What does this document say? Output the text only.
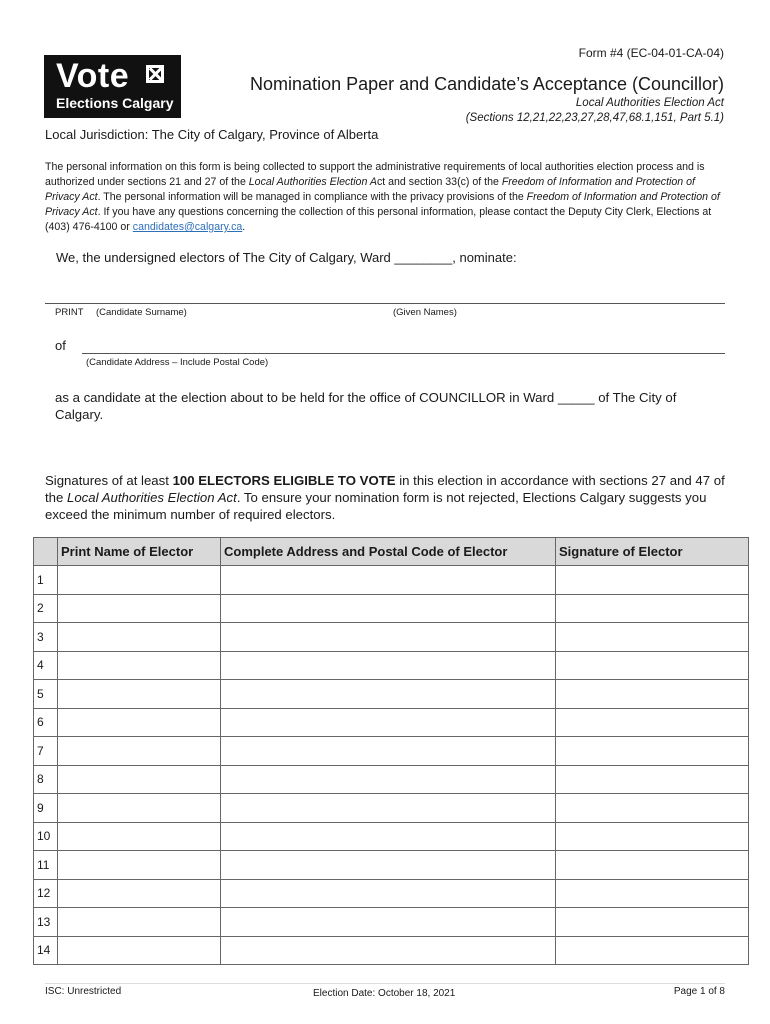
Vote
Elections Calgary
Form #4 (EC-04-01-CA-04)
Nomination Paper and Candidate’s Acceptance (Councillor)
Local Authorities Election Act
(Sections 12,21,22,23,27,28,47,68.1,151, Part 5.1)
Local Jurisdiction: The City of Calgary, Province of Alberta
The personal information on this form is being collected to support the administrative requirements of local authorities election process and is authorized under sections 21 and 27 of the Local Authorities Election Act and section 33(c) of the Freedom of Information and Protection of Privacy Act. The personal information will be managed in compliance with the privacy provisions of the Freedom of Information and Protection of Privacy Act. If you have any questions concerning the collection of this personal information, please contact the Deputy City Clerk, Elections at (403) 476-4100 or candidates@calgary.ca.
We, the undersigned electors of The City of Calgary, Ward ________, nominate:
PRINT (Candidate Surname)	(Given Names)
of
(Candidate Address – Include Postal Code)
as a candidate at the election about to be held for the office of COUNCILLOR in Ward _____ of The City of Calgary.
Signatures of at least 100 ELECTORS ELIGIBLE TO VOTE in this election in accordance with sections 27 and 47 of the Local Authorities Election Act. To ensure your nomination form is not rejected, Elections Calgary suggests you exceed the minimum number of required electors.
	Print Name of Elector	Complete Address and Postal Code of Elector	Signature of Elector
1			
2			
3			
4			
5			
6			
7			
8			
9			
10			
11			
12			
13			
14			
ISC: Unrestricted	Election Date: October 18, 2021	Page 1 of 8
